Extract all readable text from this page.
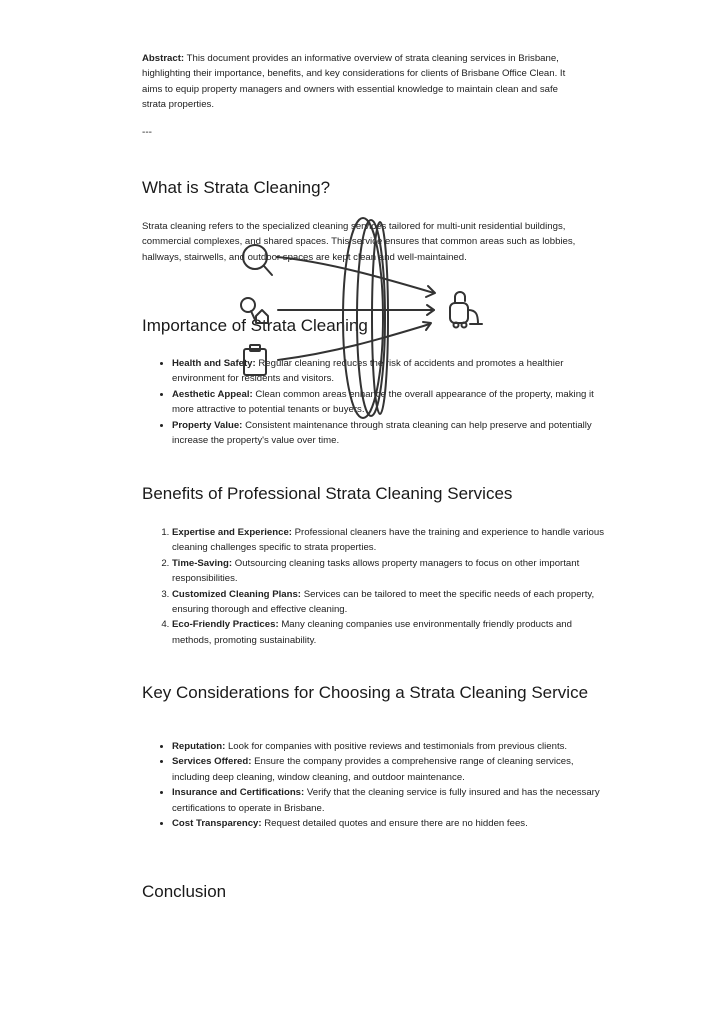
Abstract: This document provides an informative overview of strata cleaning services in Brisbane, highlighting their importance, benefits, and key considerations for clients of Brisbane Office Clean. It aims to equip property managers and owners with essential knowledge to maintain clean and safe strata properties.
---
What is Strata Cleaning?
Strata cleaning refers to the specialized cleaning services tailored for multi-unit residential buildings, commercial complexes, and shared spaces. This service ensures that common areas such as lobbies, hallways, stairwells, and outdoor spaces are kept clean and well-maintained.
Importance of Strata Cleaning
• Health and Safety: Regular cleaning reduces the risk of accidents and promotes a healthier environment for residents and visitors.
• Aesthetic Appeal: Clean common areas enhance the overall appearance of the property, making it more attractive to potential tenants or buyers.
• Property Value: Consistent maintenance through strata cleaning can help preserve and potentially increase the property's value over time.
Benefits of Professional Strata Cleaning Services
1. Expertise and Experience: Professional cleaners have the training and experience to handle various cleaning challenges specific to strata properties.
2. Time-Saving: Outsourcing cleaning tasks allows property managers to focus on other important responsibilities.
3. Customized Cleaning Plans: Services can be tailored to meet the specific needs of each property, ensuring thorough and effective cleaning.
4. Eco-Friendly Practices: Many cleaning companies use environmentally friendly products and methods, promoting sustainability.
Key Considerations for Choosing a Strata Cleaning Service
• Reputation: Look for companies with positive reviews and testimonials from previous clients.
• Services Offered: Ensure the company provides a comprehensive range of cleaning services, including deep cleaning, window cleaning, and outdoor maintenance.
• Insurance and Certifications: Verify that the cleaning service is fully insured and has the necessary certifications to operate in Brisbane.
• Cost Transparency: Request detailed quotes and ensure there are no hidden fees.
Conclusion
